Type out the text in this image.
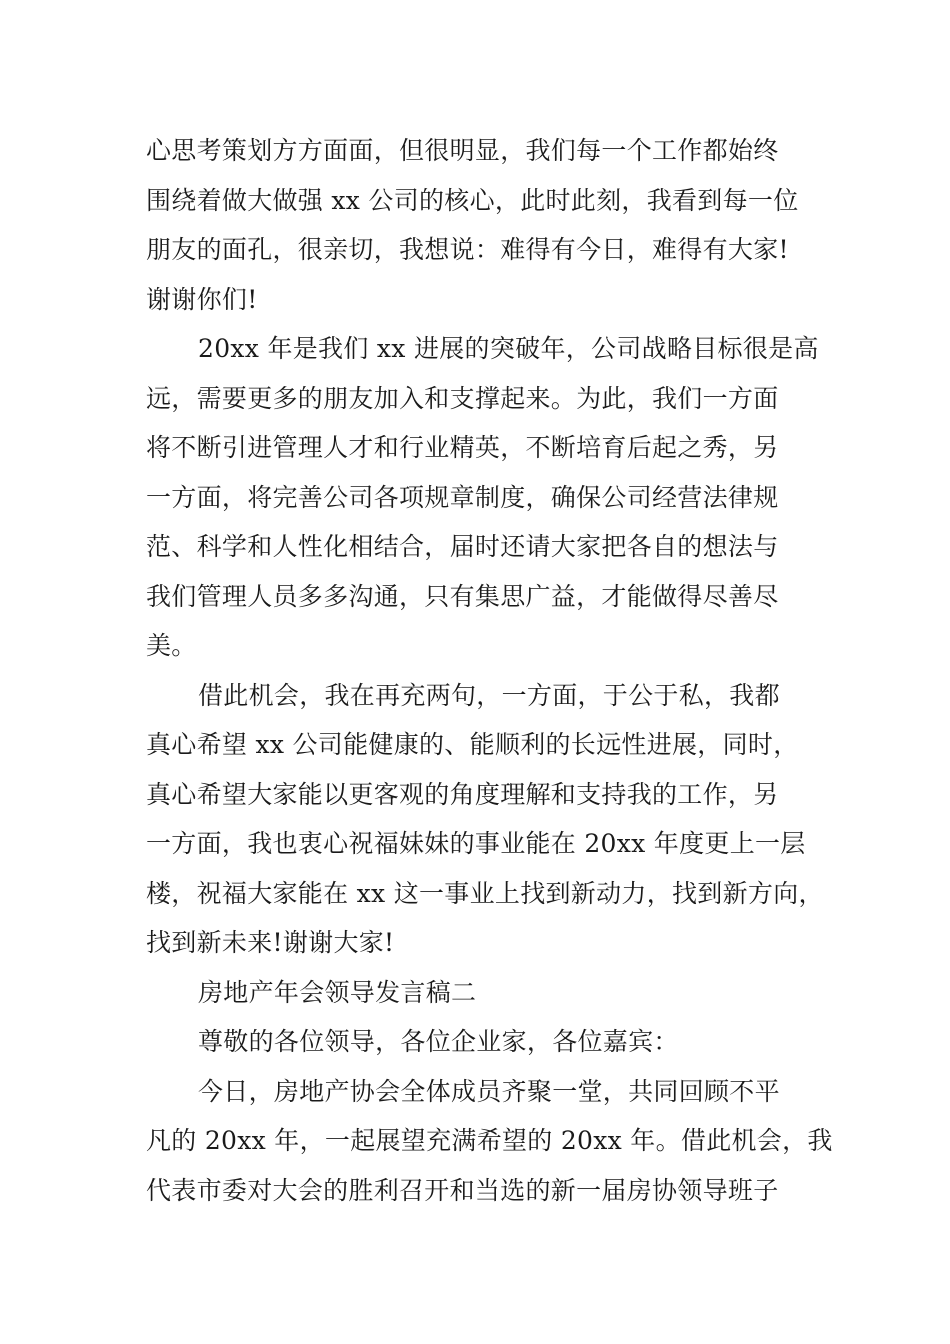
心思考策划方方面面，但很明显，我们每一个工作都始终
围绕着做大做强 xx 公司的核心，此时此刻，我看到每一位
朋友的面孔，很亲切，我想说：难得有今日，难得有大家!
谢谢你们!
20xx 年是我们 xx 进展的突破年，公司战略目标很是高
远，需要更多的朋友加入和支撑起来。为此，我们一方面
将不断引进管理人才和行业精英，不断培育后起之秀，另
一方面，将完善公司各项规章制度，确保公司经营法律规
范、科学和人性化相结合，届时还请大家把各自的想法与
我们管理人员多多沟通，只有集思广益，才能做得尽善尽
美。
借此机会，我在再充两句，一方面，于公于私，我都
真心希望 xx 公司能健康的、能顺利的长远性进展，同时，
真心希望大家能以更客观的角度理解和支持我的工作，另
一方面，我也衷心祝福妹妹的事业能在 20xx 年度更上一层
楼，祝福大家能在 xx 这一事业上找到新动力，找到新方向，
找到新未来!谢谢大家!
房地产年会领导发言稿二
尊敬的各位领导，各位企业家，各位嘉宾：
今日，房地产协会全体成员齐聚一堂，共同回顾不平
凡的 20xx 年，一起展望充满希望的 20xx 年。借此机会，我
代表市委对大会的胜利召开和当选的新一届房协领导班子
